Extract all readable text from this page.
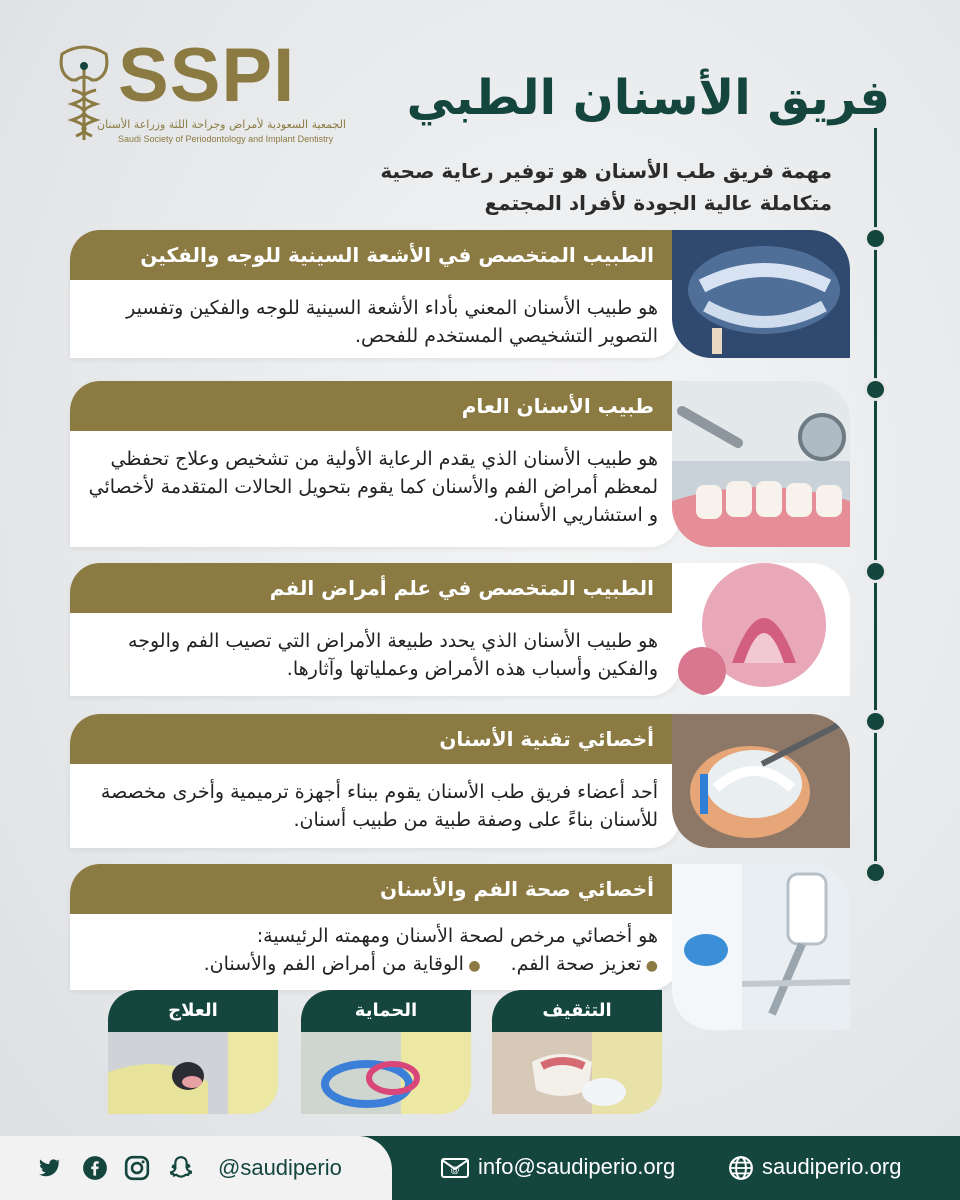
SSPI
الجمعية السعودية لأمراض وجراحة اللثة وزراعة الأسنان
Saudi Society of Periodontology and Implant Dentistry
فريق الأسنان الطبي
مهمة فريق طب الأسنان هو توفير رعاية صحية متكاملة عالية الجودة لأفراد المجتمع
الطبيب المتخصص في الأشعة السينية للوجه والفكين
هو طبيب الأسنان المعني بأداء الأشعة السينية للوجه والفكين وتفسير التصوير التشخيصي المستخدم للفحص.
طبيب الأسنان العام
هو طبيب الأسنان الذي يقدم الرعاية الأولية من تشخيص وعلاج تحفظي لمعظم أمراض الفم والأسنان كما يقوم بتحويل الحالات المتقدمة لأخصائي و استشاريي الأسنان.
الطبيب المتخصص في علم أمراض الفم
هو طبيب الأسنان الذي يحدد طبيعة الأمراض التي تصيب الفم والوجه والفكين وأسباب هذه الأمراض وعملياتها وآثارها.
أخصائي تقنية الأسنان
أحد أعضاء فريق طب الأسنان يقوم ببناء أجهزة ترميمية وأخرى مخصصة للأسنان بناءً على وصفة طبية من طبيب أسنان.
أخصائي صحة الفم والأسنان
هو أخصائي مرخص لصحة الأسنان ومهمته الرئيسية:
● تعزيز صحة الفم.
● الوقاية من أمراض الفم والأسنان.
التثقيف
الحماية
العلاج
@saudiperio	@ info@saudiperio.org	saudiperio.org
